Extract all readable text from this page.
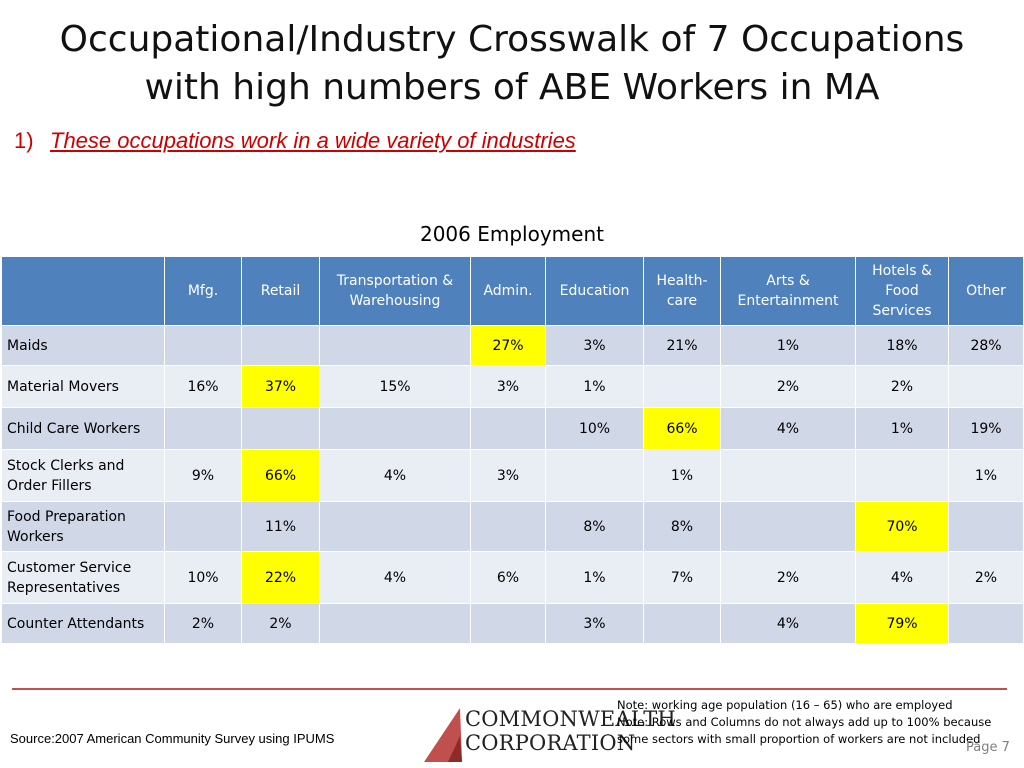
Occupational/Industry Crosswalk of 7 Occupations with high numbers of ABE Workers in MA
1) These occupations work in a wide variety of industries
2006 Employment
	Mfg.	Retail	Transportation & Warehousing	Admin.	Education	Health-care	Arts & Entertainment	Hotels & Food Services	Other
Maids				27%	3%	21%	1%	18%	28%
Material Movers	16%	37%	15%	3%	1%		2%	2%	
Child Care Workers					10%	66%	4%	1%	19%
Stock Clerks and Order Fillers	9%	66%	4%	3%		1%			1%
Food Preparation Workers		11%			8%	8%		70%	
Customer Service Representatives	10%	22%	4%	6%	1%	7%	2%	4%	2%
Counter Attendants	2%	2%			3%		4%	79%	
Source:2007 American Community Survey using IPUMS
COMMONWEALTH
CORPORATION
Note: working age population (16 – 65) who are employed
Note: Rows and Columns do not always add up to 100% because some sectors with small proportion of workers are not included
Page 7
